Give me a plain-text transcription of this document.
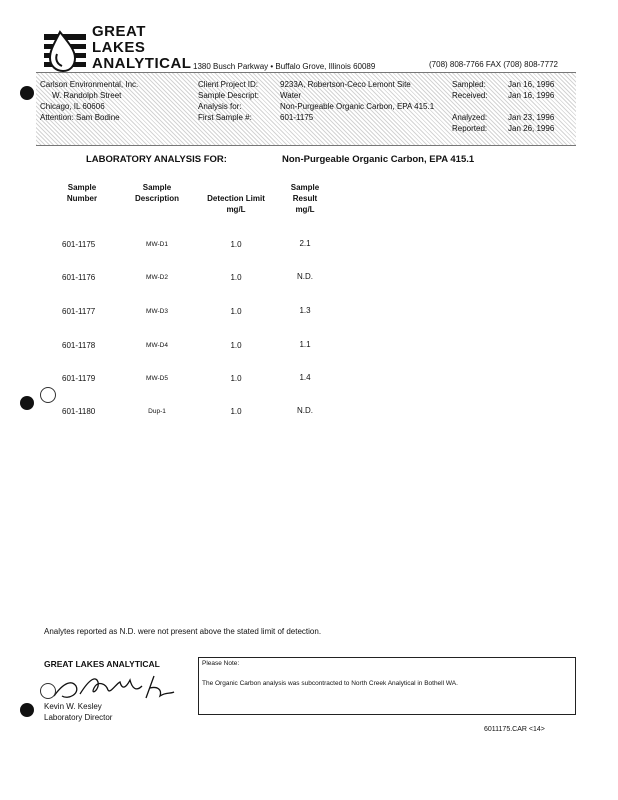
GREAT
LAKES
ANALYTICAL 1380 Busch Parkway • Buffalo Grove, Illinois 60089	(708) 808-7766 FAX (708) 808-7772
Carlson Environmental, Inc.
W. Randolph Street
Chicago, IL 60606
Attention: Sam Bodine
Client Project ID:	9233A, Robertson-Ceco Lemont Site
Sample Descript:	Water
Analysis for:	Non-Purgeable Organic Carbon, EPA 415.1
First Sample #:	601-1175
Sampled:	Jan 16, 1996
Received:	Jan 16, 1996
Analyzed:	Jan 23, 1996
Reported:	Jan 26, 1996
LABORATORY ANALYSIS FOR:	Non-Purgeable Organic Carbon, EPA 415.1
Sample
Number
Sample
Description	Detection Limit
mg/L
Sample
Result
mg/L
601-1175	MW-D1	1.0	2.1
601-1176	MW-D2	1.0	N.D.
601-1177	MW-D3	1.0	1.3
601-1178	MW-D4	1.0	1.1
601-1179	MW-D5	1.0	1.4
601-1180	Dup-1	1.0	N.D.
Analytes reported as N.D. were not present above the stated limit of detection.
GREAT LAKES ANALYTICAL
Kevin W. Kesley
Laboratory Director
Please Note:
The Organic Carbon analysis was subcontracted to North Creek Analytical in Bothell WA.
6011175.CAR <14>
